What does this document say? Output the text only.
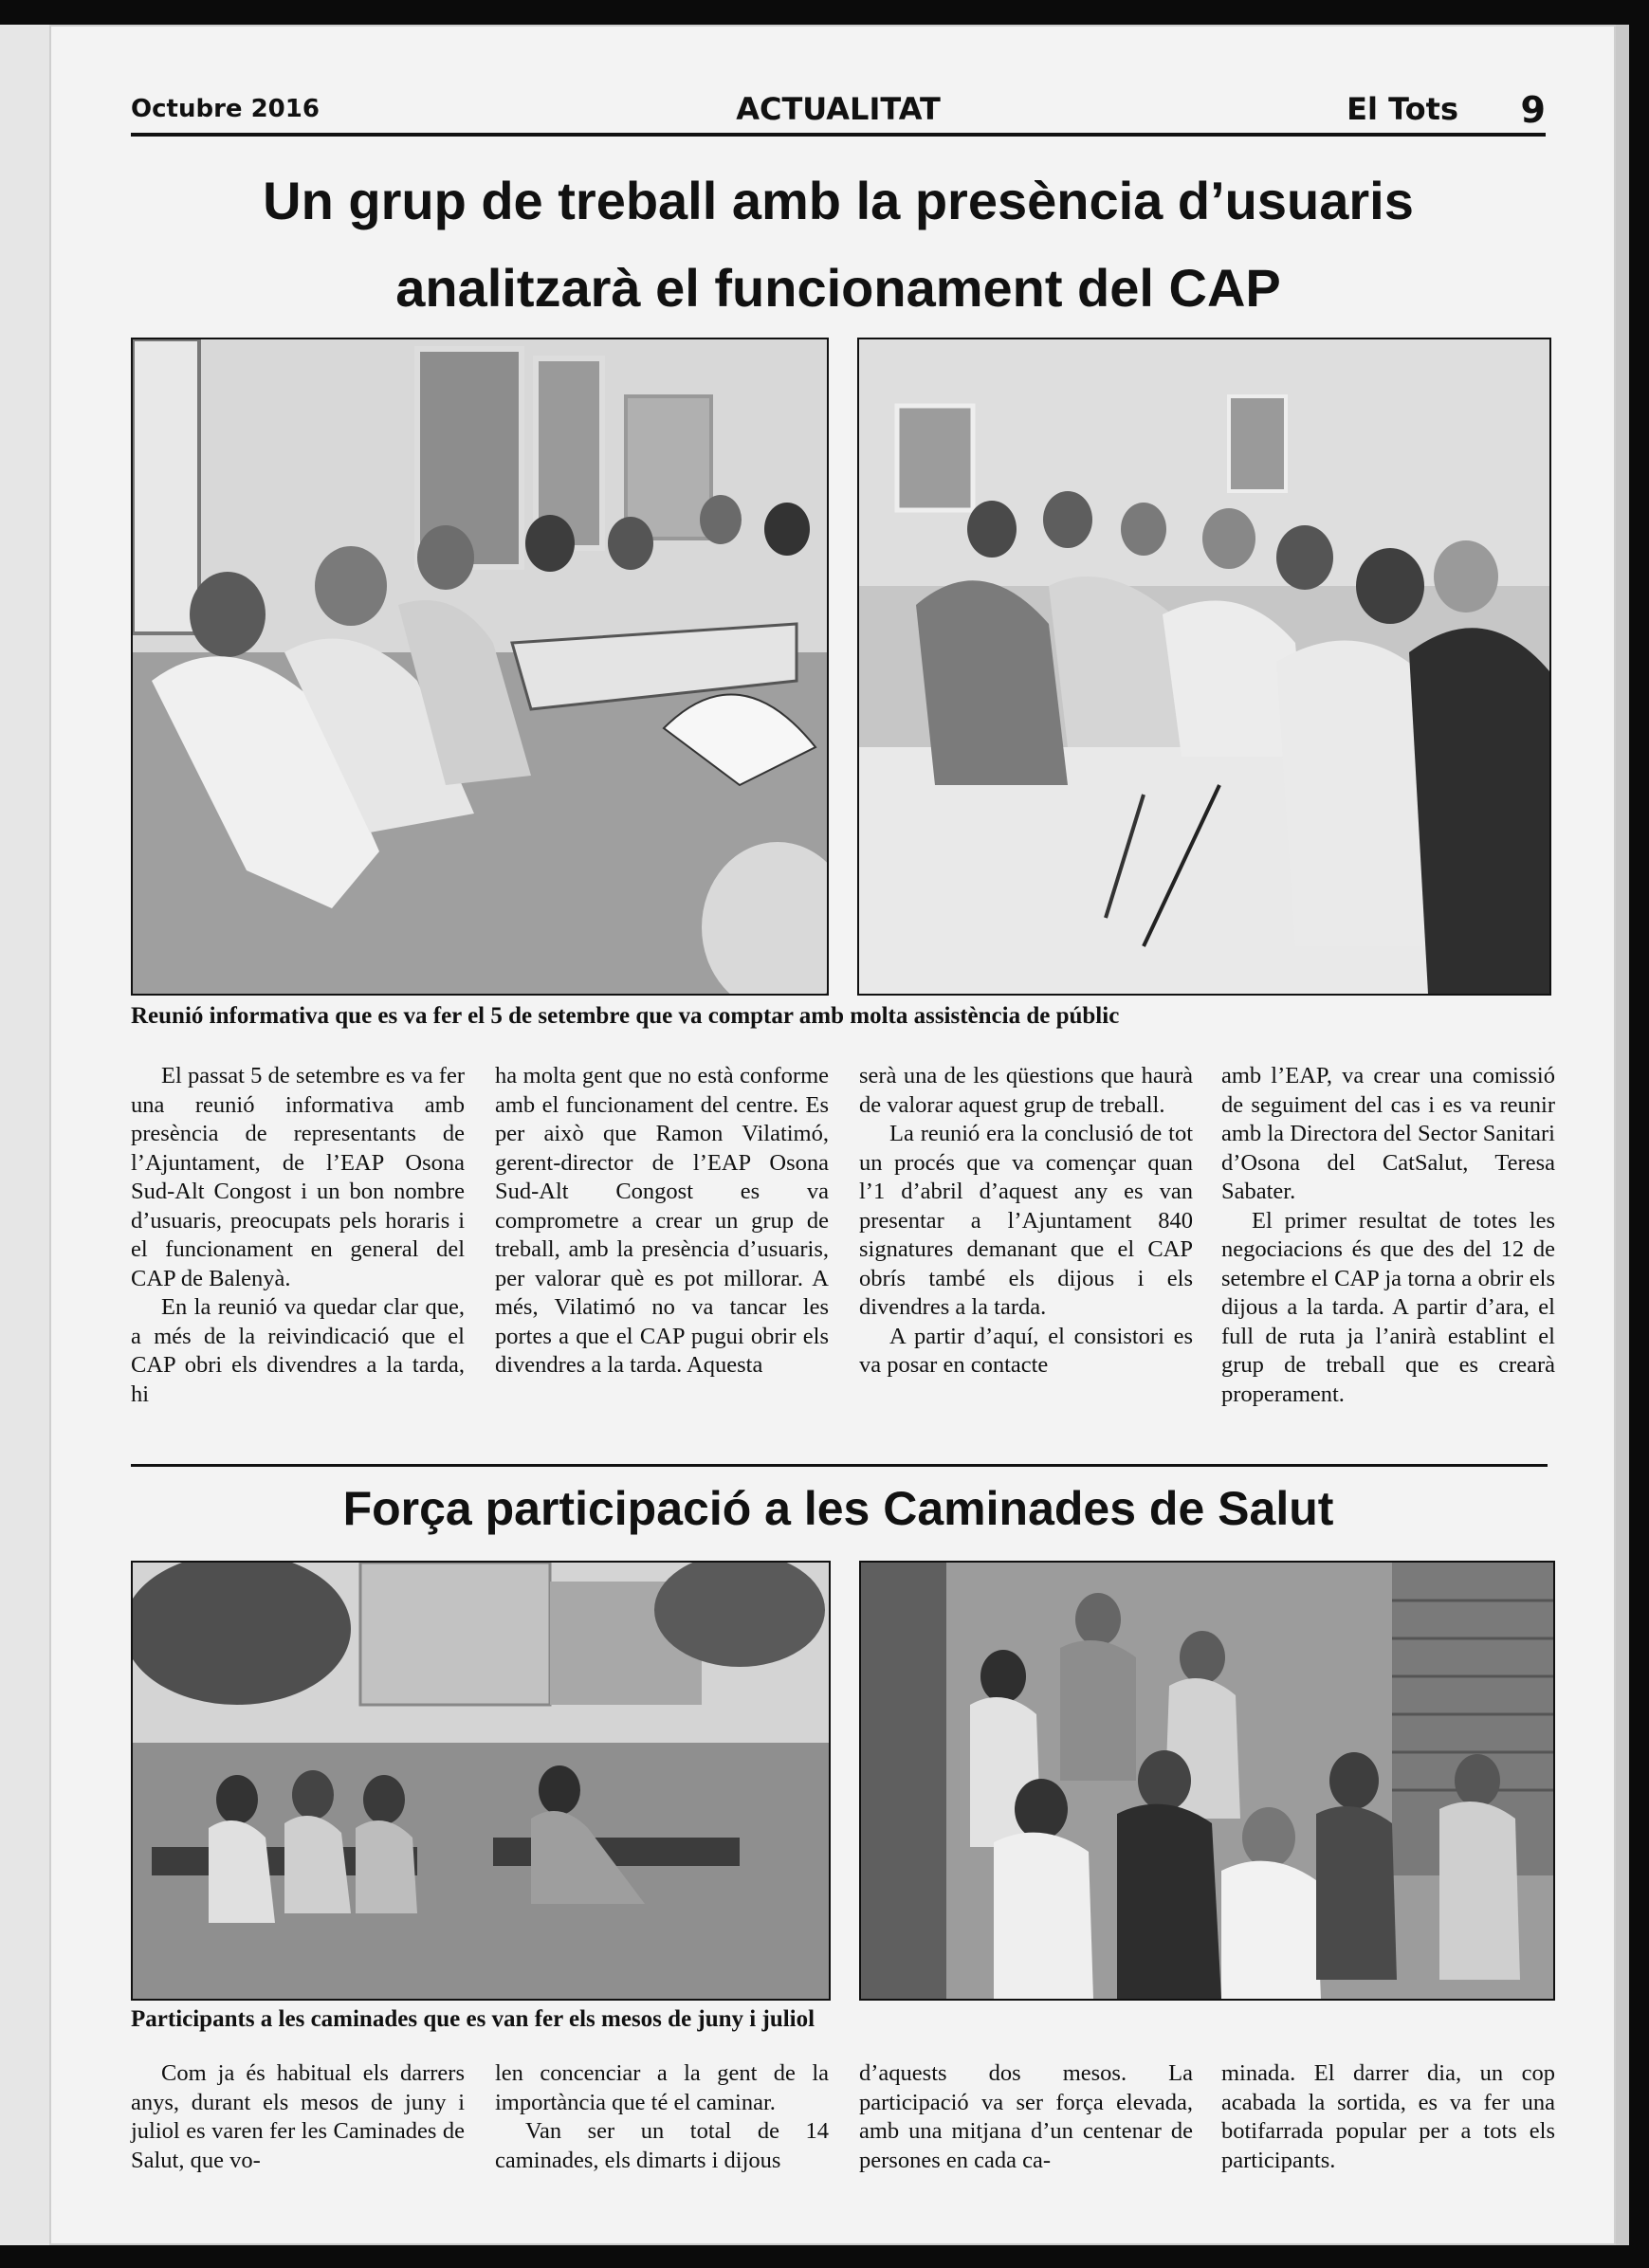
Octubre 2016	ACTUALITAT	El Tots 9
Un grup de treball amb la presència d’usuaris
analitzarà el funcionament del CAP
Reunió informativa que es va fer el 5 de setembre que va comptar amb molta assistència de públic

El passat 5 de setembre es va fer una reunió informativa amb presència de representants de l’Ajuntament, de l’EAP Osona Sud-Alt Congost i un bon nombre d’usuaris, preocupats pels horaris i el funcionament en general del CAP de Balenyà.

En la reunió va quedar clar que, a més de la reivindicació que el CAP obri els divendres a la tarda, hi

ha molta gent que no està conforme amb el funcionament del centre. Es per això que Ramon Vilatimó, gerent-director de l’EAP Osona Sud-Alt Congost es va comprometre a crear un grup de treball, amb la presència d’usuaris, per valorar què es pot millorar. A més, Vilatimó no va tancar les portes a que el CAP pugui obrir els divendres a la tarda. Aquesta

serà una de les qüestions que haurà de valorar aquest grup de treball.

La reunió era la conclusió de tot un procés que va començar quan l’1 d’abril d’aquest any es van presentar a l’Ajuntament 840 signatures demanant que el CAP obrís també els dijous i els divendres a la tarda.

A partir d’aquí, el consistori es va posar en contacte

amb l’EAP, va crear una comissió de seguiment del cas i es va reunir amb la Directora del Sector Sanitari d’Osona del CatSalut, Teresa Sabater.

El primer resultat de totes les negociacions és que des del 12 de setembre el CAP ja torna a obrir els dijous a la tarda. A partir d’ara, el full de ruta ja l’anirà establint el grup de treball que es crearà properament.

Força participació a les Caminades de Salut
Participants a les caminades que es van fer els mesos de juny i juliol

Com ja és habitual els darrers anys, durant els mesos de juny i juliol es varen fer les Caminades de Salut, que vo-

len concenciar a la gent de la importància que té el caminar.

Van ser un total de 14 caminades, els dimarts i dijous

d’aquests dos mesos. La participació va ser força elevada, amb una mitjana d’un centenar de persones en cada ca-

minada. El darrer dia, un cop acabada la sortida, es va fer una botifarrada popular per a tots els participants.
